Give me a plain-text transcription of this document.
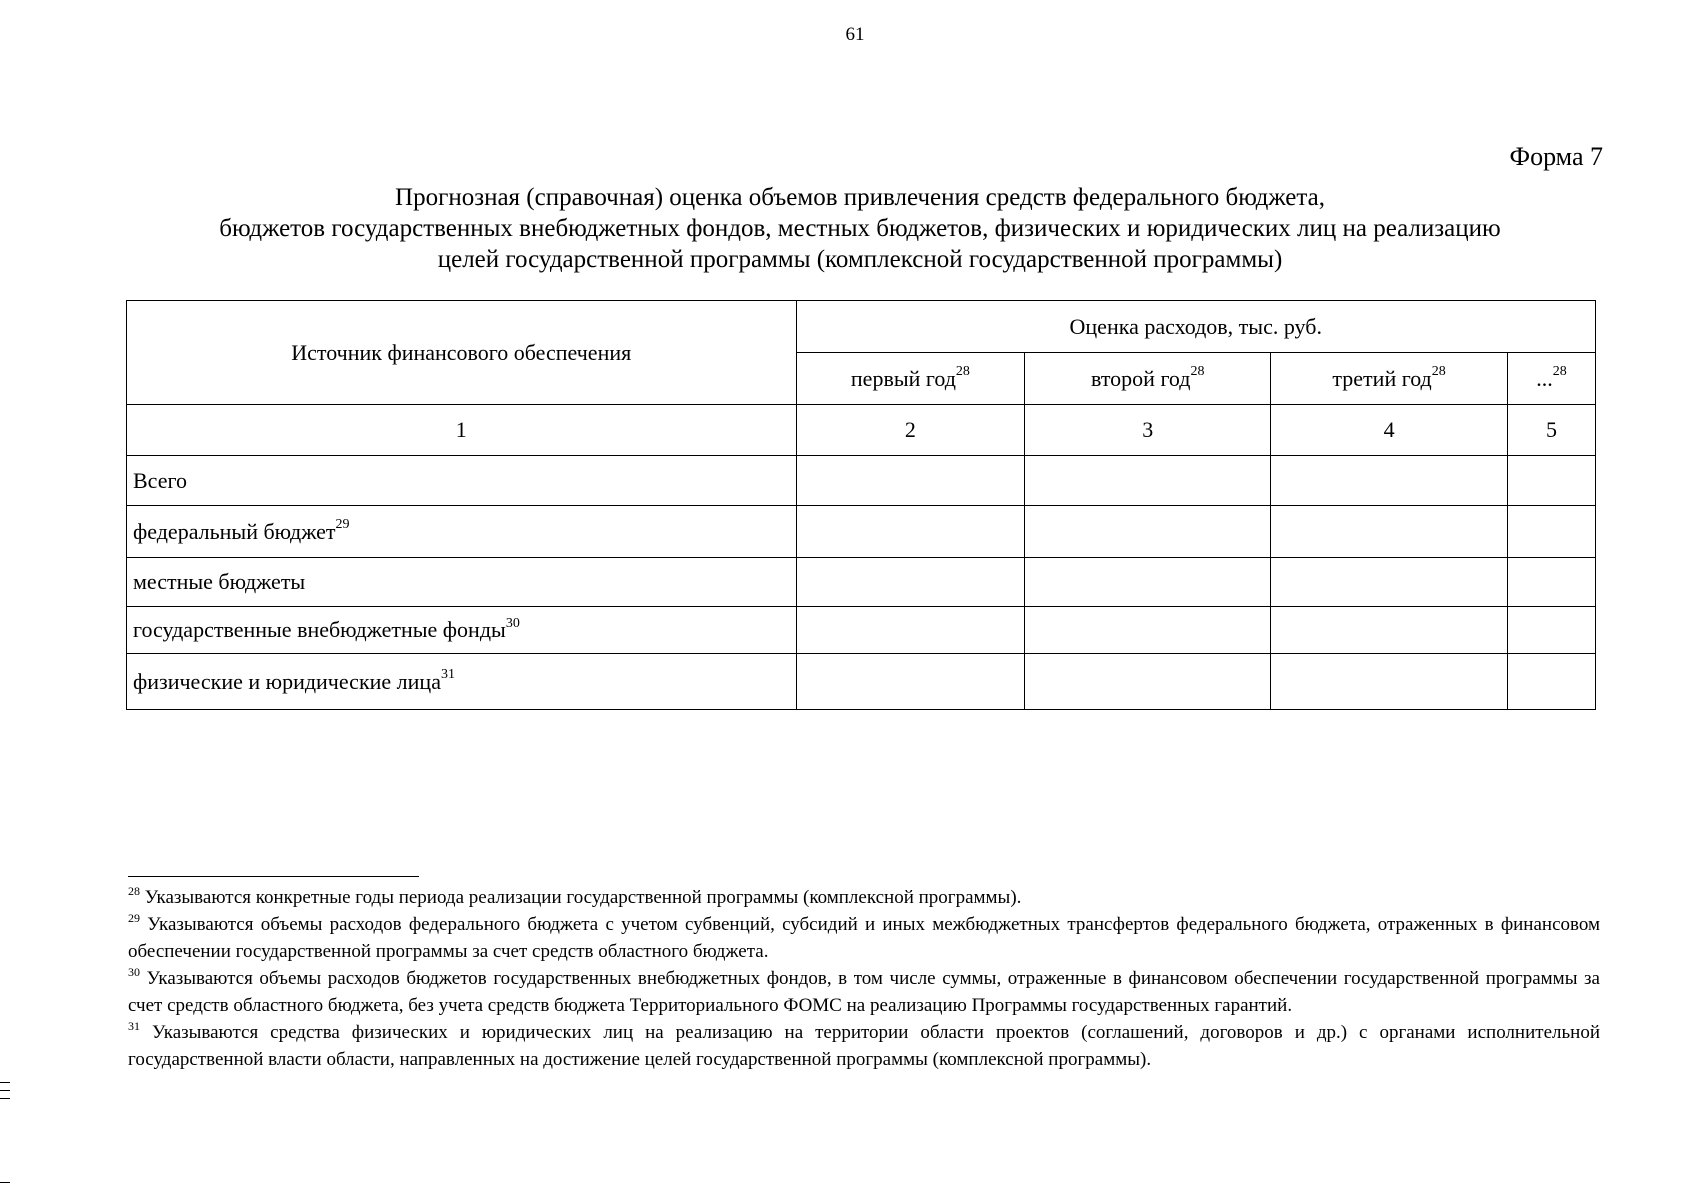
61
Форма 7
Прогнозная (справочная) оценка объемов привлечения средств федерального бюджета,
бюджетов государственных внебюджетных фондов, местных бюджетов, физических и юридических лиц на реализацию
целей государственной программы (комплексной государственной программы)
Источник финансового обеспечения	Оценка расходов, тыс. руб.			
	первый год$^{28}$	второй год$^{28}$	третий год$^{28}$	...$^{28}$
1	2	3	4	5
Всего				
федеральный бюджет$^{29}$				
местные бюджеты				
государственные внебюджетные фонды$^{30}$				
физические и юридические лица$^{31}$				

$^{28}$ Указываются конкретные годы периода реализации государственной программы (комплексной программы).

$^{29}$ Указываются объемы расходов федерального бюджета с учетом субвенций, субсидий и иных межбюджетных трансфертов федерального бюджета, отраженных в финансовом обеспечении государственной программы за счет средств областного бюджета.

$^{30}$ Указываются объемы расходов бюджетов государственных внебюджетных фондов, в том числе суммы, отраженные в финансовом обеспечении государственной программы за счет средств областного бюджета, без учета средств бюджета Территориального ФОМС на реализацию Программы государственных гарантий.

$^{31}$ Указываются средства физических и юридических лиц на реализацию на территории области проектов (соглашений, договоров и др.) с органами исполнительной государственной власти области, направленных на достижение целей государственной программы (комплексной программы).
